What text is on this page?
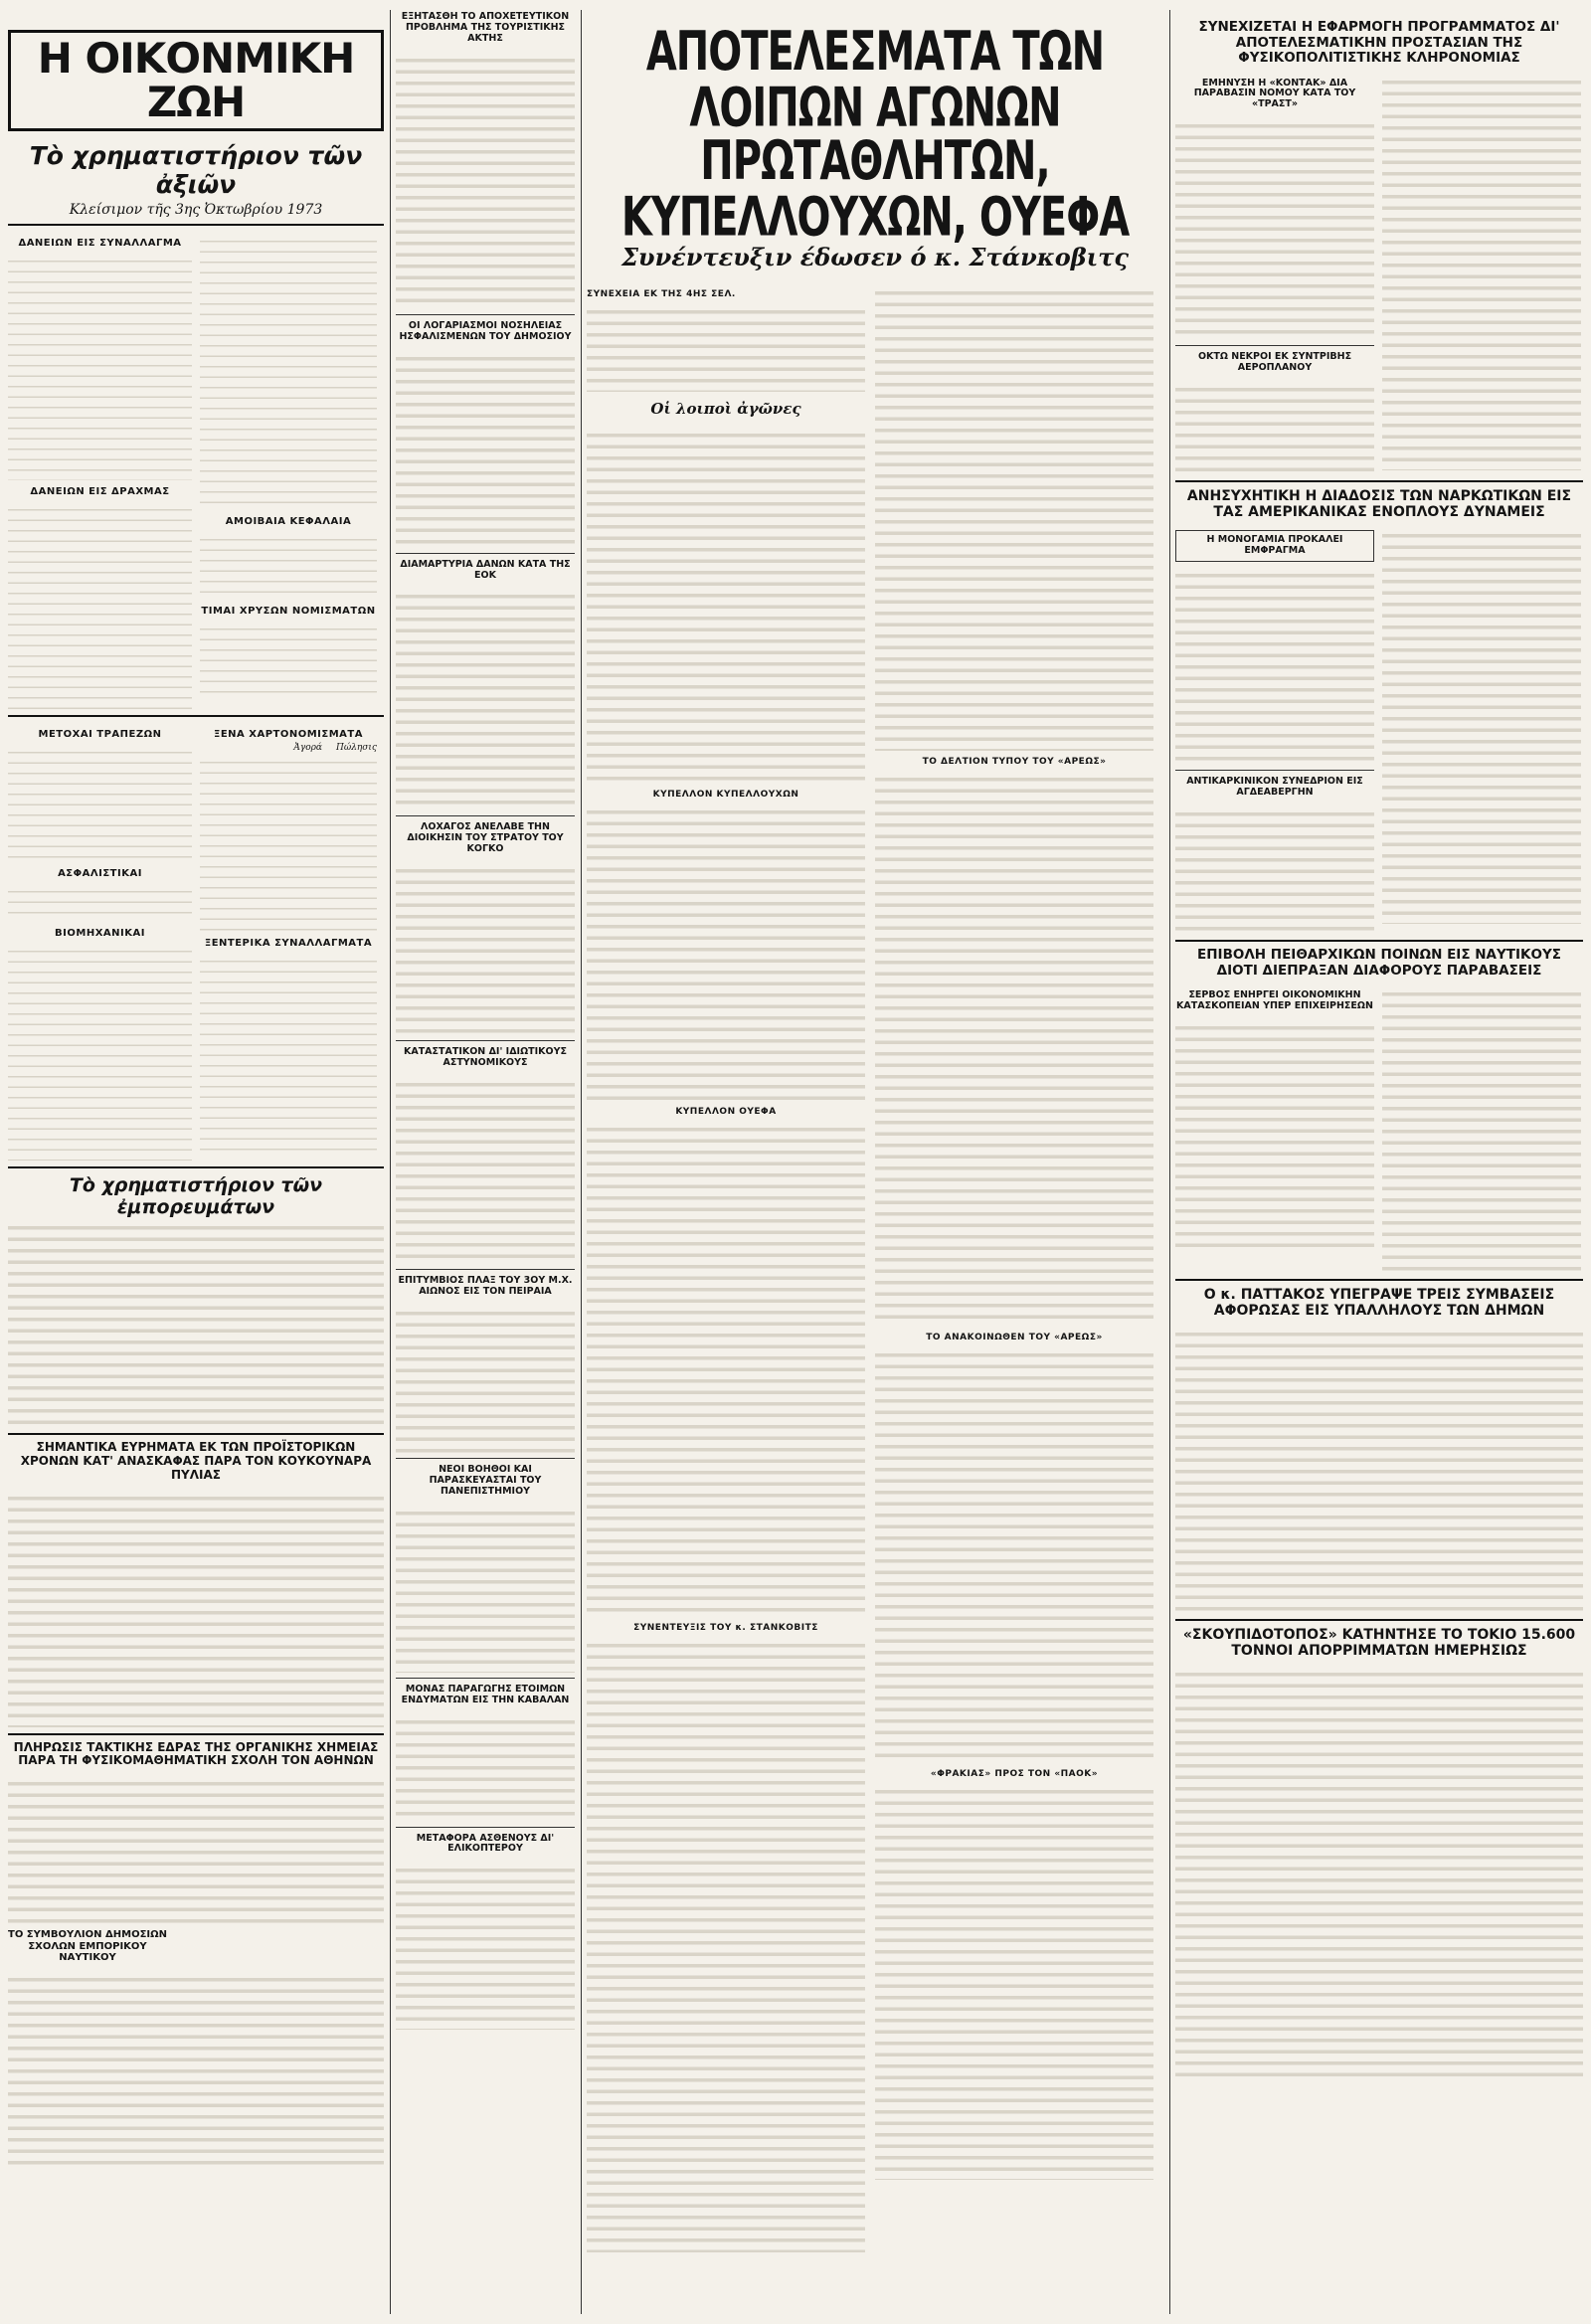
Η ΟΙΚΟΝΜΙΚΗ ΖΩΗ
Τὸ χρηματιστήριον τῶν ἀξιῶν
Κλείσιμον τῆς 3ης Ὀκτωβρίου 1973
ΔΑΝΕΙΩΝ ΕΙΣ ΣΥΝΑΛΛΑΓΜΑ
ΔΑΝΕΙΩΝ ΕΙΣ ΔΡΑΧΜΑΣ
ΑΜΟΙΒΑΙΑ ΚΕΦΑΛΑΙΑ
ΤΙΜΑΙ ΧΡΥΣΩΝ ΝΟΜΙΣΜΑΤΩΝ
ΜΕΤΟΧΑΙ ΤΡΑΠΕΖΩΝ
ΑΣΦΑΛΙΣΤΙΚΑΙ
ΒΙΟΜΗΧΑΝΙΚΑΙ
ΞΕΝΑ ΧΑΡΤΟΝΟΜΙΣΜΑΤΑ
Ἀγορά Πώλησις
ΞΕΝΤΕΡΙΚΑ ΣΥΝΑΛΛΑΓΜΑΤΑ
Τὸ χρηματιστήριον τῶν ἐμπορευμάτων
ΣΗΜΑΝΤΙΚΑ ΕΥΡΗΜΑΤΑ ΕΚ ΤΩΝ ΠΡΟΪΣΤΟΡΙΚΩΝ ΧΡΟΝΩΝ ΚΑΤ' ΑΝΑΣΚΑΦΑΣ ΠΑΡΑ ΤΟΝ ΚΟΥΚΟΥΝΑΡΑ ΠΥΛΙΑΣ
ΠΛΗΡΩΣΙΣ ΤΑΚΤΙΚΗΣ ΕΔΡΑΣ ΤΗΣ ΟΡΓΑΝΙΚΗΣ ΧΗΜΕΙΑΣ ΠΑΡΑ ΤΗ ΦΥΣΙΚΟΜΑΘΗΜΑΤΙΚΗ ΣΧΟΛΗ ΤΟΝ ΑΘΗΝΩΝ
ΤΟ ΣΥΜΒΟΥΛΙΟΝ ΔΗΜΟΣΙΩΝ ΣΧΟΛΩΝ ΕΜΠΟΡΙΚΟΥ ΝΑΥΤΙΚΟΥ
ΕΞΗΤΑΣΘΗ ΤΟ ΑΠΟΧΕΤΕΥΤΙΚΟΝ ΠΡΟΒΛΗΜΑ ΤΗΣ ΤΟΥΡΙΣΤΙΚΗΣ ΑΚΤΗΣ
ΟΙ ΛΟΓΑΡΙΑΣΜΟΙ ΝΟΣΗΛΕΙΑΣ ΗΣΦΑΛΙΣΜΕΝΩΝ ΤΟΥ ΔΗΜΟΣΙΟΥ
ΔΙΑΜΑΡΤΥΡΙΑ ΔΑΝΩΝ ΚΑΤΑ ΤΗΣ ΕΟΚ
ΛΟΧΑΓΟΣ ΑΝΕΛΑΒΕ ΤΗΝ ΔΙΟΙΚΗΣΙΝ ΤΟΥ ΣΤΡΑΤΟΥ ΤΟΥ ΚΟΓΚΟ
ΚΑΤΑΣΤΑΤΙΚΟΝ ΔΙ' ΙΔΙΩΤΙΚΟΥΣ ΑΣΤΥΝΟΜΙΚΟΥΣ
ΕΠΙΤΥΜΒΙΟΣ ΠΛΑΞ ΤΟΥ 3ΟΥ Μ.Χ. ΑΙΩΝΟΣ ΕΙΣ ΤΟΝ ΠΕΙΡΑΙΑ
ΝΕΟΙ ΒΟΗΘΟΙ ΚΑΙ ΠΑΡΑΣΚΕΥΑΣΤΑΙ ΤΟΥ ΠΑΝΕΠΙΣΤΗΜΙΟΥ
ΜΟΝΑΣ ΠΑΡΑΓΩΓΗΣ ΕΤΟΙΜΩΝ ΕΝΔΥΜΑΤΩΝ ΕΙΣ ΤΗΝ ΚΑΒΑΛΑΝ
ΜΕΤΑΦΟΡΑ ΑΣΘΕΝΟΥΣ ΔΙ' ΕΛΙΚΟΠΤΕΡΟΥ
ΑΠΟΤΕΛΕΣΜΑΤΑ ΤΩΝ ΛΟΙΠΩΝ ΑΓΩΝΩΝ
ΠΡΩΤΑΘΛΗΤΩΝ, ΚΥΠΕΛΛΟΥΧΩΝ, ΟΥΕΦΑ
Συνέντευξιν έδωσεν ό κ. Στάνκοβιτς
ΣΥΝΕΧΕΙΑ ΕΚ ΤΗΣ 4ΗΣ ΣΕΛ.
Οἱ λοιποὶ ἀγῶνες
ΚΥΠΕΛΛΟΝ ΚΥΠΕΛΛΟΥΧΩΝ
ΚΥΠΕΛΛΟΝ ΟΥΕΦΑ
ΣΥΝΕΝΤΕΥΞΙΣ ΤΟΥ κ. ΣΤΑΝΚΟΒΙΤΣ
ΤΟ ΔΕΛΤΙΟΝ ΤΥΠΟΥ ΤΟΥ «ΑΡΕΩΣ»
ΤΟ ΑΝΑΚΟΙΝΩΘΕΝ ΤΟΥ «ΑΡΕΩΣ»
«ΦΡΑΚΙΑΣ» ΠΡΟΣ ΤΟΝ «ΠΑΟΚ»
ΣΥΝΕΧΙΖΕΤΑΙ Η ΕΦΑΡΜΟΓΗ ΠΡΟΓΡΑΜΜΑΤΟΣ ΔΙ' ΑΠΟΤΕΛΕΣΜΑΤΙΚΗΝ ΠΡΟΣΤΑΣΙΑΝ ΤΗΣ ΦΥΣΙΚΟΠΟΛΙΤΙΣΤΙΚΗΣ ΚΛΗΡΟΝΟΜΙΑΣ
ΕΜΗΝΥΣΗ Η «ΚΟΝΤΑΚ» ΔΙΑ ΠΑΡΑΒΑΣΙΝ ΝΟΜΟΥ ΚΑΤΑ ΤΟΥ «ΤΡΑΣΤ»
ΟΚΤΩ ΝΕΚΡΟΙ ΕΚ ΣΥΝΤΡΙΒΗΣ ΑΕΡΟΠΛΑΝΟΥ
ΑΝΗΣΥΧΗΤΙΚΗ Η ΔΙΑΔΟΣΙΣ ΤΩΝ ΝΑΡΚΩΤΙΚΩΝ ΕΙΣ ΤΑΣ ΑΜΕΡΙΚΑΝΙΚΑΣ ΕΝΟΠΛΟΥΣ ΔΥΝΑΜΕΙΣ
Η ΜΟΝΟΓΑΜΙΑ ΠΡΟΚΑΛΕΙ ΕΜΦΡΑΓΜΑ
ΑΝΤΙΚΑΡΚΙΝΙΚΟΝ ΣΥΝΕΔΡΙΟΝ ΕΙΣ ΑΓΔΕΑΒΕΡΓΗΝ
ΕΠΙΒΟΛΗ ΠΕΙΘΑΡΧΙΚΩΝ ΠΟΙΝΩΝ ΕΙΣ ΝΑΥΤΙΚΟΥΣ ΔΙΟΤΙ ΔΙΕΠΡΑΞΑΝ ΔΙΑΦΟΡΟΥΣ ΠΑΡΑΒΑΣΕΙΣ
ΣΕΡΒΟΣ ΕΝΗΡΓΕΙ ΟΙΚΟΝΟΜΙΚΗΝ ΚΑΤΑΣΚΟΠΕΙΑΝ ΥΠΕΡ ΕΠΙΧΕΙΡΗΣΕΩΝ
Ο κ. ΠΑΤΤΑΚΟΣ ΥΠΕΓΡΑΨΕ ΤΡΕΙΣ ΣΥΜΒΑΣΕΙΣ ΑΦΟΡΩΣΑΣ ΕΙΣ ΥΠΑΛΛΗΛΟΥΣ ΤΩΝ ΔΗΜΩΝ
«ΣΚΟΥΠΙΔΟΤΟΠΟΣ» ΚΑΤΗΝΤΗΣΕ ΤΟ ΤΟΚΙΟ 15.600 ΤΟΝΝΟΙ ΑΠΟΡΡΙΜΜΑΤΩΝ ΗΜΕΡΗΣΙΩΣ
